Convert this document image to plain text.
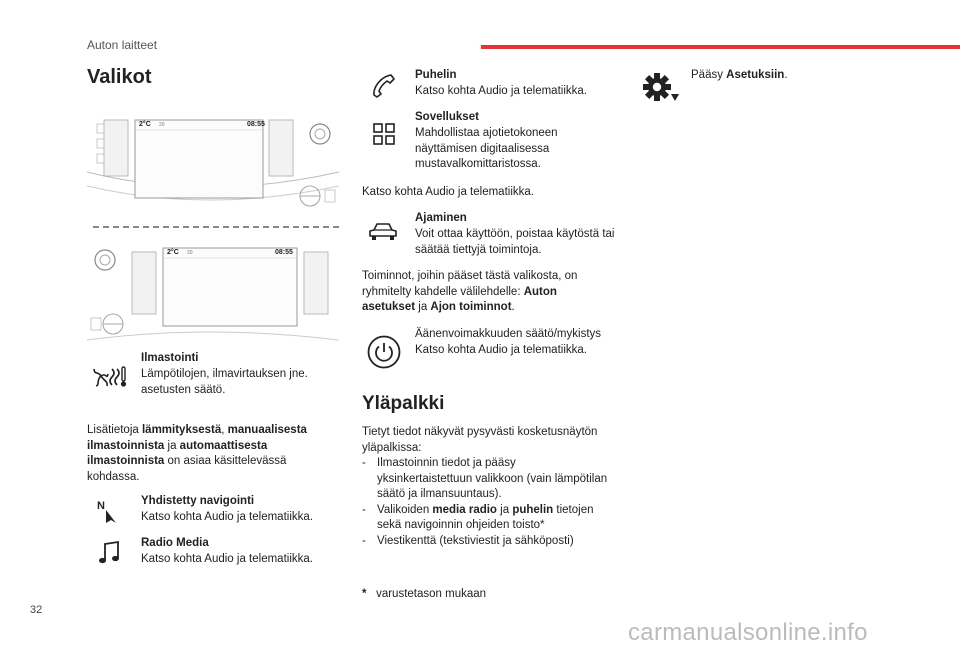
Auton laitteet
Valikot
2°C 20	08:55
2°C 20	08:55
Ilmastointi
Lämpötilojen, ilmavirtauksen jne. asetusten säätö.
Lisätietoja lämmityksestä, manuaalisesta ilmastoinnista ja automaattisesta ilmastoinnista on asiaa käsittelevässä kohdassa.
N	Yhdistetty navigointi
Katso kohta Audio ja telematiikka.
Radio Media
Katso kohta Audio ja telematiikka.
Puhelin
Katso kohta Audio ja telematiikka.
Sovellukset
Mahdollistaa ajotietokoneen näyttämisen digitaalisessa mustavalkomittaristossa.
Katso kohta Audio ja telematiikka.
Ajaminen
Voit ottaa käyttöön, poistaa käytöstä tai säätää tiettyjä toimintoja.
Toiminnot, joihin pääset tästä valikosta, on ryhmitelty kahdelle välilehdelle: Auton asetukset ja Ajon toiminnot.
Äänenvoimakkuuden säätö/mykistys
Katso kohta Audio ja telematiikka.
Yläpalkki
Tietyt tiedot näkyvät pysyvästi kosketusnäytön yläpalkissa:
- Ilmastoinnin tiedot ja pääsy yksinkertaistettuun valikkoon (vain lämpötilan säätö ja ilmansuuntaus).
- Valikoiden media radio ja puhelin tietojen sekä navigoinnin ohjeiden toisto*
- Viestikenttä (tekstiviestit ja sähköposti)
* varustetason mukaan
Pääsy Asetuksiin.
32
carmanualsonline.info
